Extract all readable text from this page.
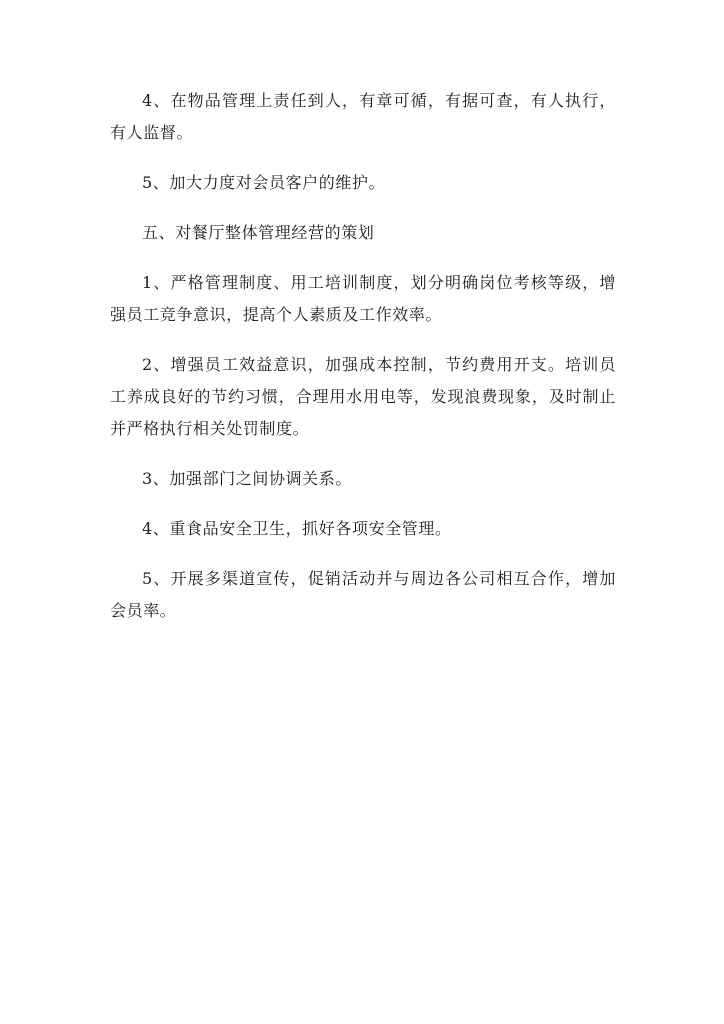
4、在物品管理上责任到人，有章可循，有据可查，有人执行，有人监督。

5、加大力度对会员客户的维护。

五、对餐厅整体管理经营的策划

1、严格管理制度、用工培训制度，划分明确岗位考核等级，增强员工竞争意识，提高个人素质及工作效率。

2、增强员工效益意识，加强成本控制，节约费用开支。培训员工养成良好的节约习惯，合理用水用电等，发现浪费现象，及时制止并严格执行相关处罚制度。

3、加强部门之间协调关系。

4、重食品安全卫生，抓好各项安全管理。

5、开展多渠道宣传，促销活动并与周边各公司相互合作，增加会员率。
